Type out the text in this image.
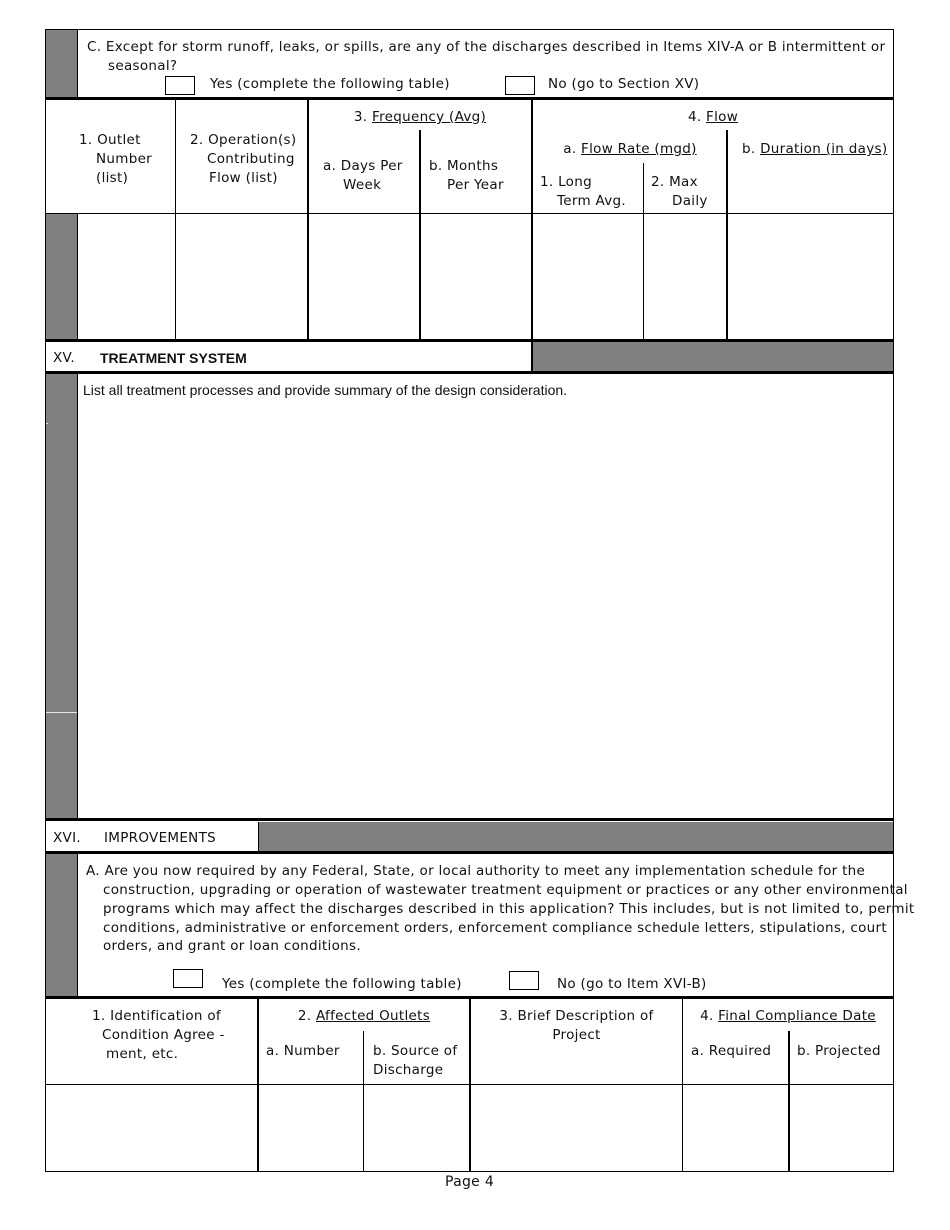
C. Except for storm runoff, leaks, or spills, are any of the discharges described in Items XIV-A or B intermittent or
seasonal?
Yes (complete the following table)	No (go to Section XV)
1. Outlet
Number
(list)
2. Operation(s)
Contributing
Flow (list)
3. Frequency (Avg)
a. Days Per
Week
b. Months
Per Year
4. Flow
a. Flow Rate (mgd)
1. Long
Term Avg.
2. Max
Daily
b. Duration (in days)
XV. TREATMENT SYSTEM
List all treatment processes and provide summary of the design consideration.
XVI. IMPROVEMENTS
A. Are you now required by any Federal, State, or local authority to meet any implementation schedule for the
construction, upgrading or operation of wastewater treatment equipment or practices or any other environmental
programs which may affect the discharges described in this application? This includes, but is not limited to, permit
conditions, administrative or enforcement orders, enforcement compliance schedule letters, stipulations, court
orders, and grant or loan conditions.
Yes (complete the following table)	No (go to Item XVI-B)
1. Identification of
Condition Agree -
ment, etc.
2. Affected Outlets
a. Number b. Source of
Discharge
3. Brief Description of
Project
4. Final Compliance Date
a. Required b. Projected
Page 4
